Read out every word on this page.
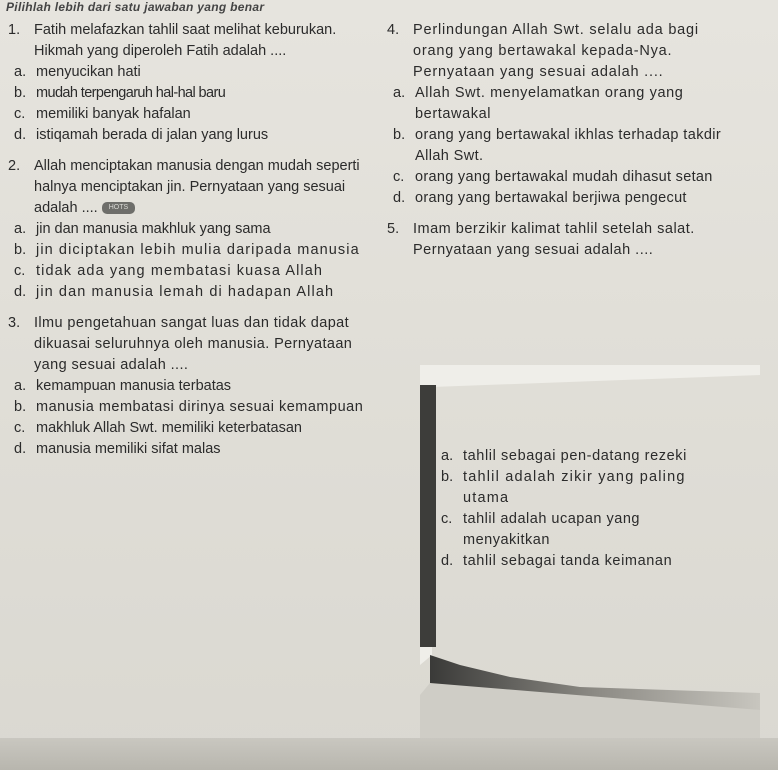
Pilihlah lebih dari satu jawaban yang benar
1. Fatih melafazkan tahlil saat melihat keburukan. Hikmah yang diperoleh Fatih adalah ....
a. menyucikan hati
b. mudah terpengaruh hal-hal baru
c. memiliki banyak hafalan
d. istiqamah berada di jalan yang lurus
2. Allah menciptakan manusia dengan mudah seperti halnya menciptakan jin. Pernyataan yang sesuai adalah .... HOTS
a. jin dan manusia makhluk yang sama
b. jin diciptakan lebih mulia daripada manusia
c. tidak ada yang membatasi kuasa Allah
d. jin dan manusia lemah di hadapan Allah
3. Ilmu pengetahuan sangat luas dan tidak dapat dikuasai seluruhnya oleh manusia. Pernyataan yang sesuai adalah ....
a. kemampuan manusia terbatas
b. manusia membatasi dirinya sesuai kemampuan
c. makhluk Allah Swt. memiliki keterbatasan
d. manusia memiliki sifat malas
4. Perlindungan Allah Swt. selalu ada bagi orang yang bertawakal kepada-Nya. Pernyataan yang sesuai adalah ....
a. Allah Swt. menyelamatkan orang yang bertawakal
b. orang yang bertawakal ikhlas terhadap takdir Allah Swt.
c. orang yang bertawakal mudah dihasut setan
d. orang yang bertawakal berjiwa pengecut
5. Imam berzikir kalimat tahlil setelah salat. Pernyataan yang sesuai adalah ....
a. tahlil sebagai pen-datang rezeki
b. tahlil adalah zikir yang paling utama
c. tahlil adalah ucapan yang menyakitkan
d. tahlil sebagai tanda keimanan
